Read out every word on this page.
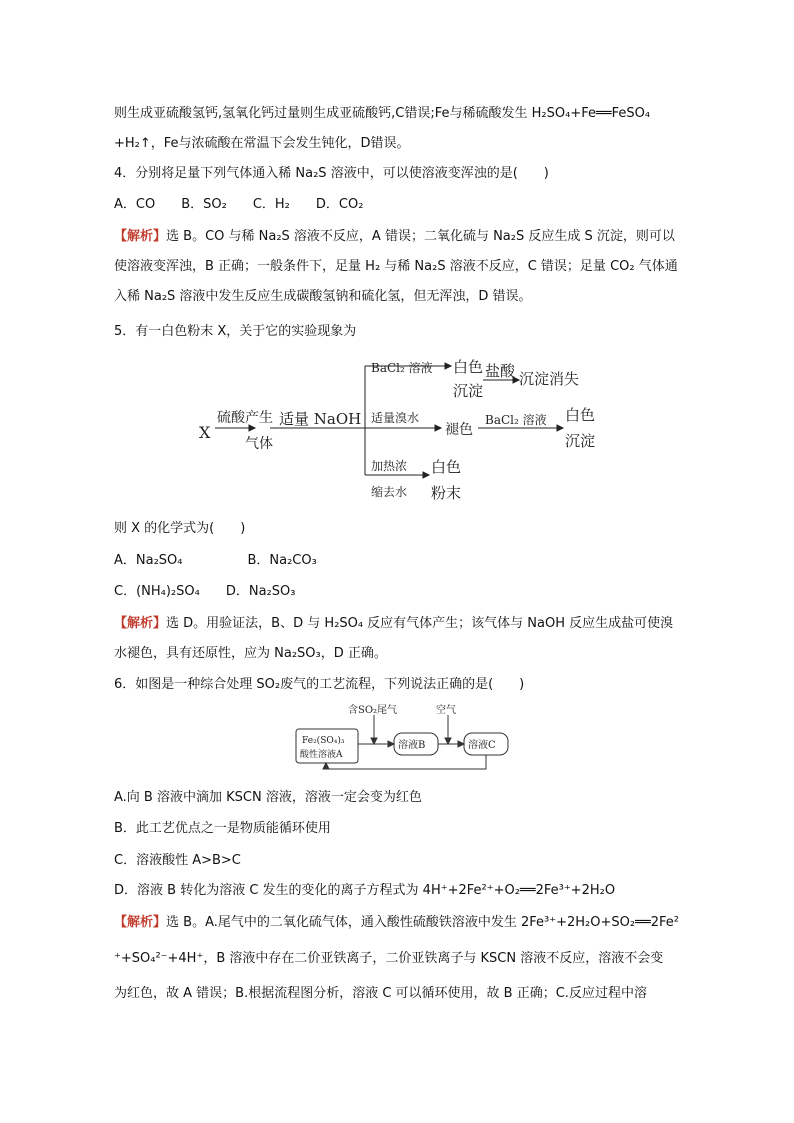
则生成亚硫酸氢钙,氢氧化钙过量则生成亚硫酸钙,C错误;Fe与稀硫酸发生 H₂SO₄+Fe══FeSO₄
+H₂↑，Fe与浓硫酸在常温下会发生钝化，D错误。
4．分别将足量下列气体通入稀 Na₂S 溶液中，可以使溶液变浑浊的是(　　)
A．CO　　B．SO₂　　C．H₂　　D．CO₂
【解析】选 B。CO 与稀 Na₂S 溶液不反应，A 错误；二氧化硫与 Na₂S 反应生成 S 沉淀，则可以
使溶液变浑浊，B 正确；一般条件下，足量 H₂ 与稀 Na₂S 溶液不反应，C 错误；足量 CO₂ 气体通
入稀 Na₂S 溶液中发生反应生成碳酸氢钠和硫化氢，但无浑浊，D 错误。
5．有一白色粉末 X，关于它的实验现象为
X
硫酸产生
气体
适量 NaOH
BaCl₂ 溶液 白色
沉淀
盐酸 沉淀消失
适量溴水
褪色
BaCl₂ 溶液 白色
沉淀
加热浓
缩去水
白色
粉末
则 X 的化学式为(　　)
A．Na₂SO₄　　　　　B．Na₂CO₃
C．(NH₄)₂SO₄　　D．Na₂SO₃
【解析】选 D。用验证法，B、D 与 H₂SO₄ 反应有气体产生；该气体与 NaOH 反应生成盐可使溴
水褪色，具有还原性，应为 Na₂SO₃，D 正确。
6．如图是一种综合处理 SO₂废气的工艺流程，下列说法正确的是(　　)
含SO₂尾气	空气
Fe₂(SO₄)₃
酸性溶液A
溶液B	溶液C
A.向 B 溶液中滴加 KSCN 溶液，溶液一定会变为红色
B．此工艺优点之一是物质能循环使用
C．溶液酸性 A>B>C
D．溶液 B 转化为溶液 C 发生的变化的离子方程式为 4H⁺+2Fe²⁺+O₂══2Fe³⁺+2H₂O
【解析】选 B。A.尾气中的二氧化硫气体，通入酸性硫酸铁溶液中发生 2Fe³⁺+2H₂O+SO₂══2Fe²
⁺+SO₄²⁻+4H⁺，B 溶液中存在二价亚铁离子，二价亚铁离子与 KSCN 溶液不反应，溶液不会变
为红色，故 A 错误；B.根据流程图分析，溶液 C 可以循环使用，故 B 正确；C.反应过程中溶
